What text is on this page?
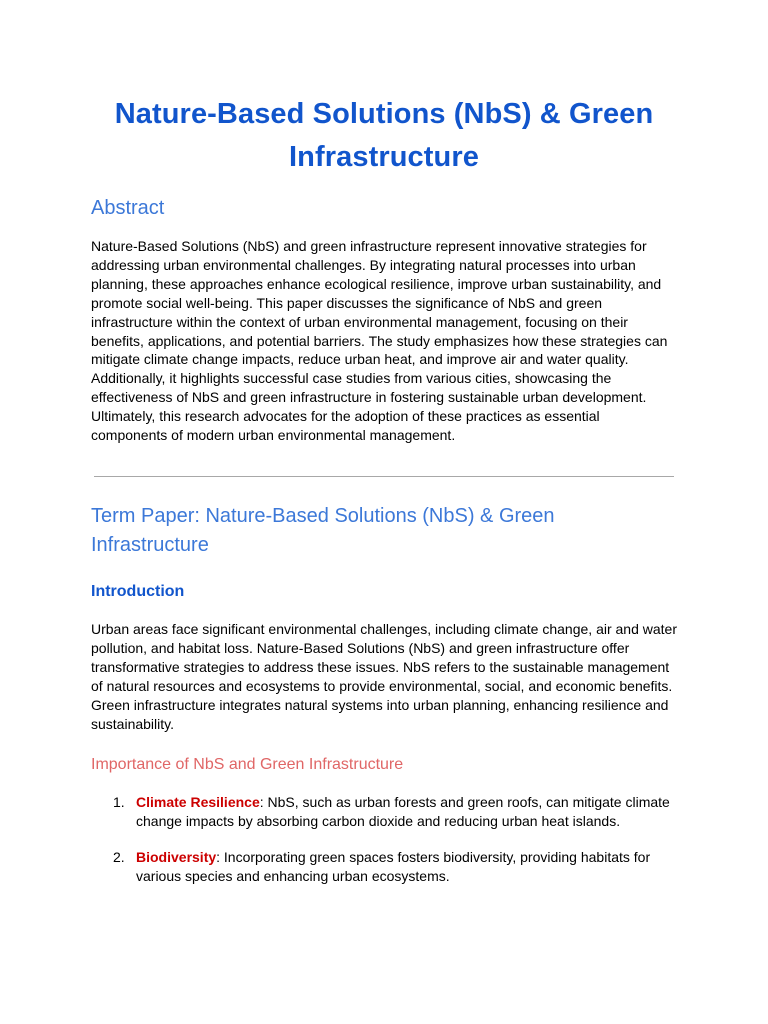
Nature-Based Solutions (NbS) & Green Infrastructure
Abstract

Nature-Based Solutions (NbS) and green infrastructure represent innovative strategies for addressing urban environmental challenges. By integrating natural processes into urban planning, these approaches enhance ecological resilience, improve urban sustainability, and promote social well-being. This paper discusses the significance of NbS and green infrastructure within the context of urban environmental management, focusing on their benefits, applications, and potential barriers. The study emphasizes how these strategies can mitigate climate change impacts, reduce urban heat, and improve air and water quality. Additionally, it highlights successful case studies from various cities, showcasing the effectiveness of NbS and green infrastructure in fostering sustainable urban development. Ultimately, this research advocates for the adoption of these practices as essential components of modern urban environmental management.

Term Paper: Nature-Based Solutions (NbS) & Green Infrastructure
Introduction

Urban areas face significant environmental challenges, including climate change, air and water pollution, and habitat loss. Nature-Based Solutions (NbS) and green infrastructure offer transformative strategies to address these issues. NbS refers to the sustainable management of natural resources and ecosystems to provide environmental, social, and economic benefits. Green infrastructure integrates natural systems into urban planning, enhancing resilience and sustainability.

Importance of NbS and Green Infrastructure
1. Climate Resilience: NbS, such as urban forests and green roofs, can mitigate climate change impacts by absorbing carbon dioxide and reducing urban heat islands.
2. Biodiversity: Incorporating green spaces fosters biodiversity, providing habitats for various species and enhancing urban ecosystems.
